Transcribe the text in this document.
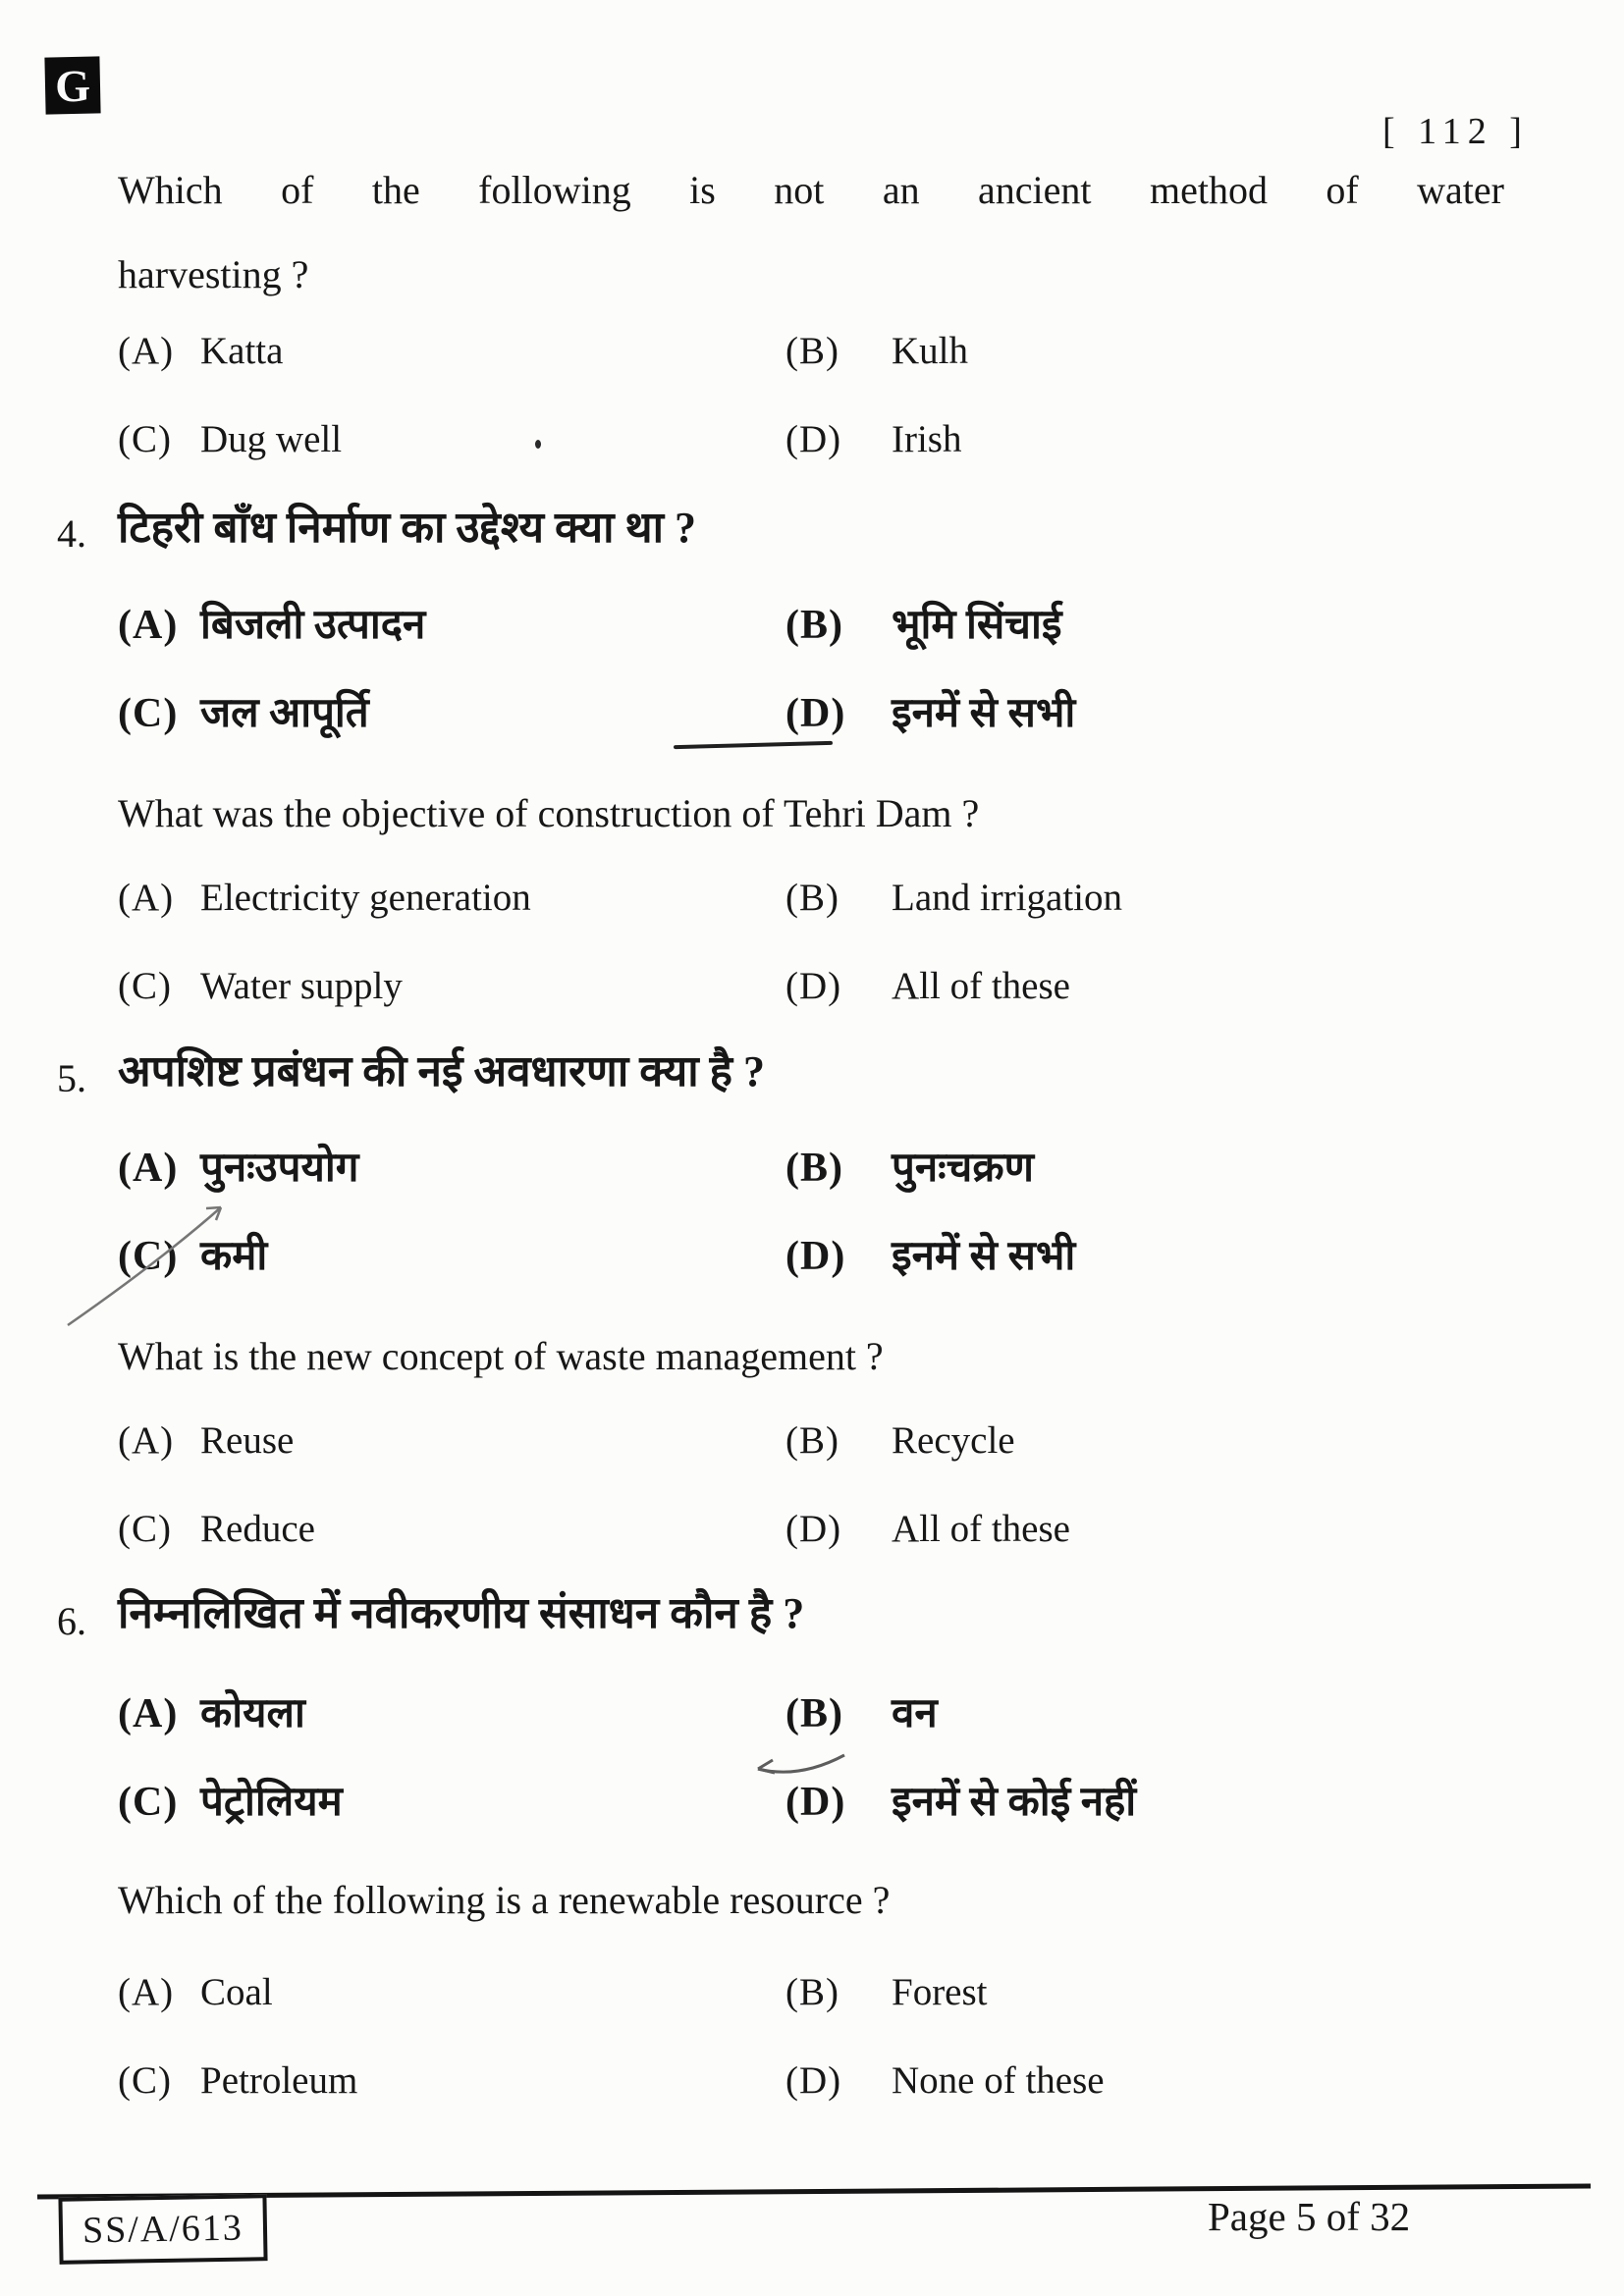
G
[ 112 ]
Which of the following is not an ancient method of water
harvesting ?
(A) Katta	(B)	Kulh
(C) Dug well	(D)	Irish
4. टिहरी बाँध निर्माण का उद्देश्य क्या था ?
(A) बिजली उत्पादन	(B)	भूमि सिंचाई
(C) जल आपूर्ति	(D)	इनमें से सभी
What was the objective of construction of Tehri Dam ?
(A) Electricity generation	(B)	Land irrigation
(C) Water supply	(D)	All of these
5. अपशिष्ट प्रबंधन की नई अवधारणा क्या है ?
(A) पुनःउपयोग	(B)	पुनःचक्रण
(C) कमी	(D)	इनमें से सभी
What is the new concept of waste management ?
(A) Reuse	(B)	Recycle
(C) Reduce	(D)	All of these
6. निम्नलिखित में नवीकरणीय संसाधन कौन है ?
(A) कोयला	(B)	वन
(C) पेट्रोलियम	(D)	इनमें से कोई नहीं
Which of the following is a renewable resource ?
(A) Coal	(B)	Forest
(C) Petroleum	(D)	None of these
SS/A/613	Page 5 of 32
